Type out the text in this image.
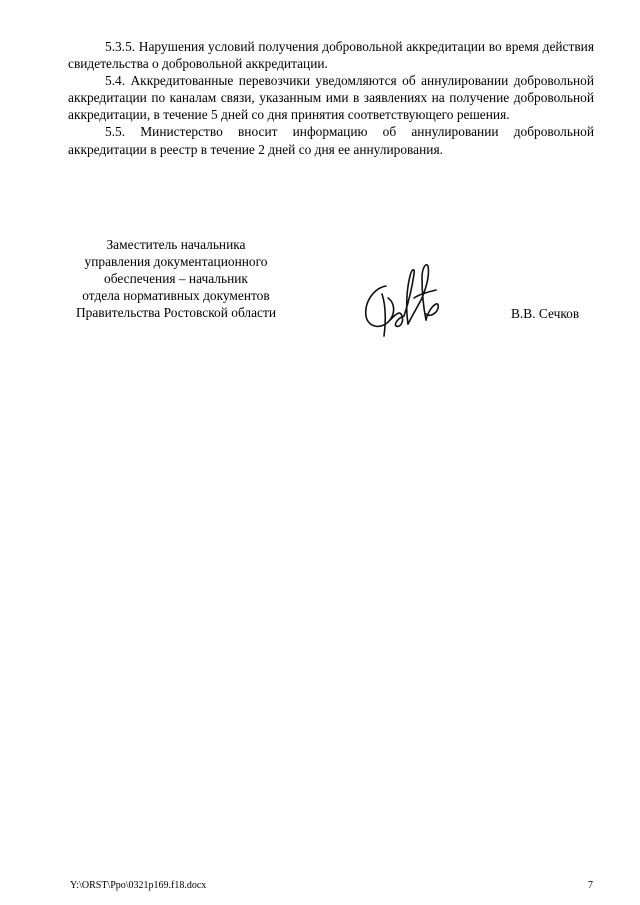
5.3.5. Нарушения условий получения добровольной аккредитации во время действия свидетельства о добровольной аккредитации.

5.4. Аккредитованные перевозчики уведомляются об аннулировании добровольной аккредитации по каналам связи, указанным ими в заявлениях на получение добровольной аккредитации, в течение 5 дней со дня принятия соответствующего решения.

5.5. Министерство вносит информацию об аннулировании добровольной аккредитации в реестр в течение 2 дней со дня ее аннулирования.

Заместитель начальника
управления документационного
обеспечения – начальник
отдела нормативных документов
Правительства Ростовской области	В.В. Сечков
Y:\ORST\Ppo\0321p169.f18.docx	7
